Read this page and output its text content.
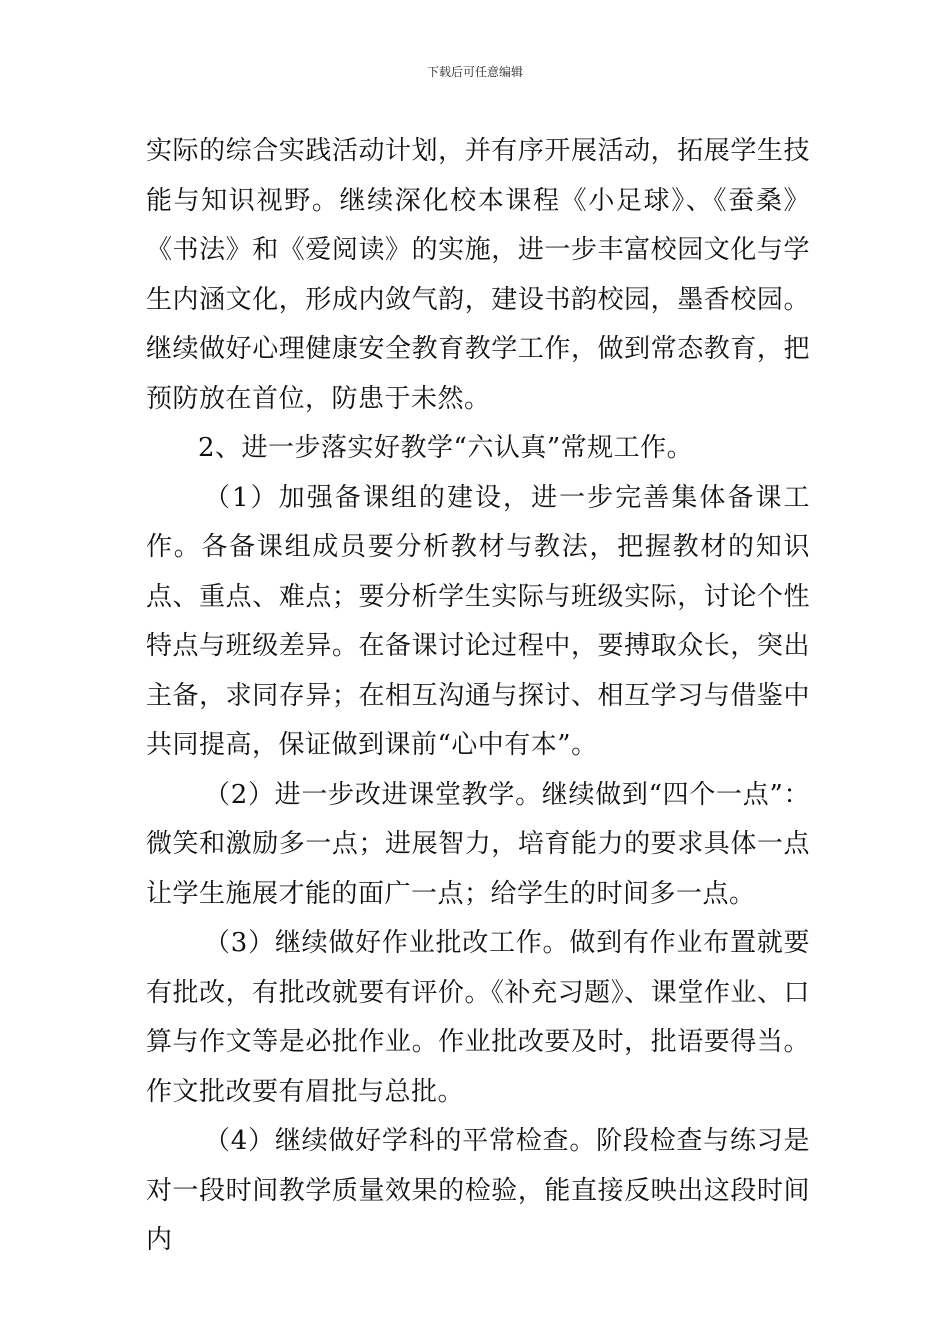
下载后可任意编辑

实际的综合实践活动计划，并有序开展活动，拓展学生技能与知识视野。继续深化校本课程《小足球》、《蚕桑》《书法》和《爱阅读》的实施，进一步丰富校园文化与学生内涵文化，形成内敛气韵，建设书韵校园，墨香校园。继续做好心理健康安全教育教学工作，做到常态教育，把预防放在首位，防患于未然。

2、进一步落实好教学“六认真”常规工作。

（1）加强备课组的建设，进一步完善集体备课工作。各备课组成员要分析教材与教法，把握教材的知识点、重点、难点；要分析学生实际与班级实际，讨论个性特点与班级差异。在备课讨论过程中，要搏取众长，突出主备，求同存异；在相互沟通与探讨、相互学习与借鉴中共同提高，保证做到课前“心中有本”。

（2）进一步改进课堂教学。继续做到“四个一点”：微笑和激励多一点；进展智力，培育能力的要求具体一点让学生施展才能的面广一点；给学生的时间多一点。

（3）继续做好作业批改工作。做到有作业布置就要有批改，有批改就要有评价。《补充习题》、课堂作业、口算与作文等是必批作业。作业批改要及时，批语要得当。作文批改要有眉批与总批。

（4）继续做好学科的平常检查。阶段检查与练习是对一段时间教学质量效果的检验，能直接反映出这段时间内
